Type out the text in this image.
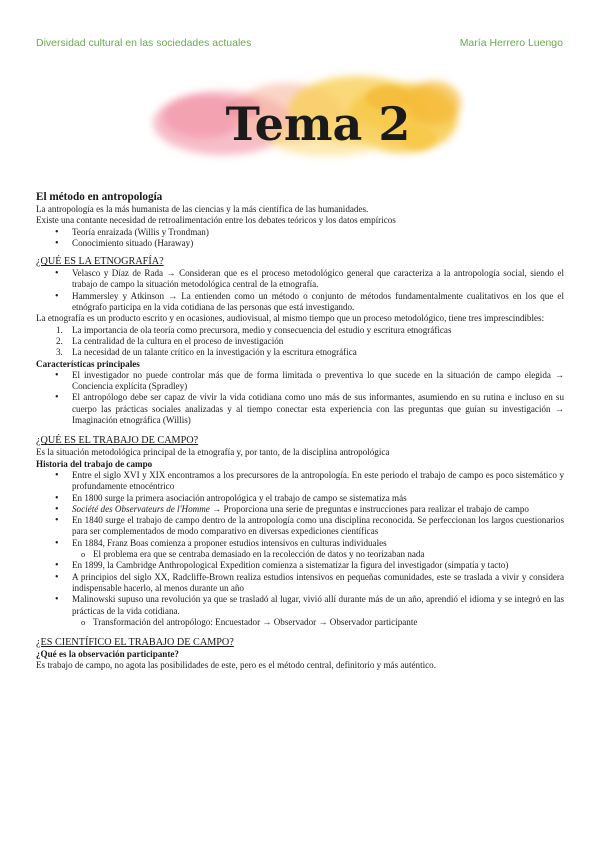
Diversidad cultural en las sociedades actuales	María Herrero Luengo
Tema 2

El método en antropología

La antropología es la más humanista de las ciencias y la más científica de las humanidades.

Existe una contante necesidad de retroalimentación entre los debates teóricos y los datos empíricos

• Teoría enraizada (Willis y Trondman)
• Conocimiento situado (Haraway)

¿QUÉ ES LA ETNOGRAFÍA?

• Velasco y Díaz de Rada → Consideran que es el proceso metodológico general que caracteriza a la antropología social, siendo el trabajo de campo la situación metodológica central de la etnografía.
• Hammersley y Atkinson → La entienden como un método o conjunto de métodos fundamentalmente cualitativos en los que el etnógrafo participa en la vida cotidiana de las personas que está investigando.

La etnografía es un producto escrito y en ocasiones, audiovisual, al mismo tiempo que un proceso metodológico, tiene tres imprescindibles:

1. La importancia de ola teoría como precursora, medio y consecuencia del estudio y escritura etnográficas
2. La centralidad de la cultura en el proceso de investigación
3. La necesidad de un talante crítico en la investigación y la escritura etnográfica

Características principales

• El investigador no puede controlar más que de forma limitada o preventiva lo que sucede en la situación de campo elegida → Conciencia explícita (Spradley)
• El antropólogo debe ser capaz de vivir la vida cotidiana como uno más de sus informantes, asumiendo en su rutina e incluso en su cuerpo las prácticas sociales analizadas y al tiempo conectar esta experiencia con las preguntas que guían su investigación → Imaginación etnográfica (Willis)

¿QUÉ ES EL TRABAJO DE CAMPO?

Es la situación metodológica principal de la etnografía y, por tanto, de la disciplina antropológica

Historia del trabajo de campo

• Entre el siglo XVI y XIX encontramos a los precursores de la antropología. En este periodo el trabajo de campo es poco sistemático y profundamente etnocéntrico
• En 1800 surge la primera asociación antropológica y el trabajo de campo se sistematiza más
• Société des Observateurs de l'Homme → Proporciona una serie de preguntas e instrucciones para realizar el trabajo de campo
• En 1840 surge el trabajo de campo dentro de la antropología como una disciplina reconocida. Se perfeccionan los largos cuestionarios para ser complementados de modo comparativo en diversas expediciones científicas
• En 1884, Franz Boas comienza a proponer estudios intensivos en culturas individuales
o El problema era que se centraba demasiado en la recolección de datos y no teorizaban nada
• En 1899, la Cambridge Anthropological Expedition comienza a sistematizar la figura del investigador (simpatía y tacto)
• A principios del siglo XX, Radcliffe-Brown realiza estudios intensivos en pequeñas comunidades, este se traslada a vivir y considera indispensable hacerlo, al menos durante un año
• Malinowski supuso una revolución ya que se trasladó al lugar, vivió allí durante más de un año, aprendió el idioma y se integró en las prácticas de la vida cotidiana.
o Transformación del antropólogo: Encuestador → Observador → Observador participante

¿ES CIENTÍFICO EL TRABAJO DE CAMPO?

¿Qué es la observación participante?

Es trabajo de campo, no agota las posibilidades de este, pero es el método central, definitorio y más auténtico.
